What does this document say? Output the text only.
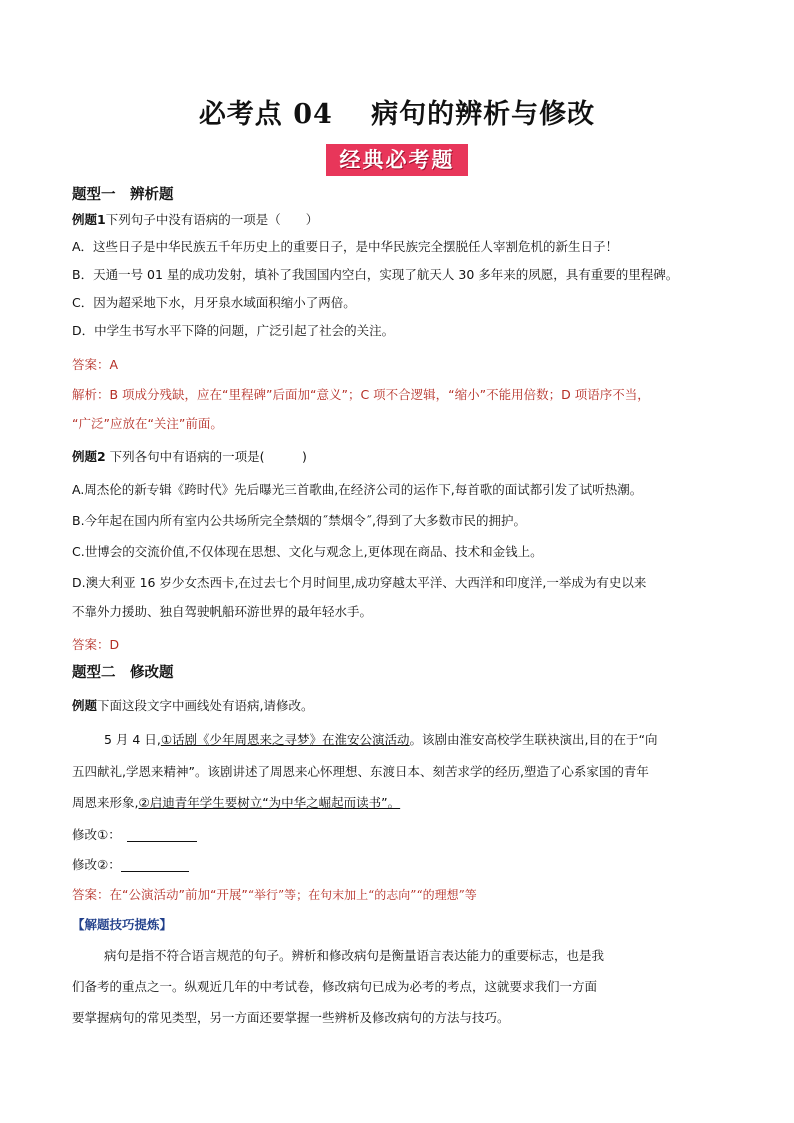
必考点 04　 病句的辨析与修改
经典必考题
题型一　辨析题
例题1下列句子中没有语病的一项是（　　）
A．这些日子是中华民族五千年历史上的重要日子，是中华民族完全摆脱任人宰割危机的新生日子！
B．天通一号 01 星的成功发射，填补了我国国内空白，实现了航天人 30 多年来的夙愿，具有重要的里程碑。
C．因为超采地下水，月牙泉水域面积缩小了两倍。
D．中学生书写水平下降的问题，广泛引起了社会的关注。
答案：A
解析：B 项成分残缺，应在“里程碑”后面加“意义”；C 项不合逻辑，“缩小”不能用倍数；D 项语序不当，
“广泛”应放在“关注”前面。
例题2 下列各句中有语病的一项是(　　　)
A.周杰伦的新专辑《跨时代》先后曝光三首歌曲,在经济公司的运作下,每首歌的面试都引发了试听热潮。
B.今年起在国内所有室内公共场所完全禁烟的˝禁烟令˝,得到了大多数市民的拥护。
C.世博会的交流价值,不仅体现在思想、文化与观念上,更体现在商品、技术和金钱上。
D.澳大利亚 16 岁少女杰西卡,在过去七个月时间里,成功穿越太平洋、大西洋和印度洋,一举成为有史以来
不靠外力援助、独自驾驶帆船环游世界的最年轻水手。
答案：D
题型二　修改题
例题下面这段文字中画线处有语病,请修改。
5 月 4 日,①话剧《少年周恩来之寻梦》在淮安公演活动。该剧由淮安高校学生联袂演出,目的在于“向
五四献礼,学恩来精神”。该剧讲述了周恩来心怀理想、东渡日本、刻苦求学的经历,塑造了心系家国的青年
周恩来形象,②启迪青年学生要树立“为中华之崛起而读书”。
修改①：
修改②：
答案：在“公演活动”前加“开展”“举行”等；在句末加上“的志向”“的理想”等
【解题技巧提炼】
病句是指不符合语言规范的句子。辨析和修改病句是衡量语言表达能力的重要标志，也是我
们备考的重点之一。纵观近几年的中考试卷，修改病句已成为必考的考点，这就要求我们一方面
要掌握病句的常见类型，另一方面还要掌握一些辨析及修改病句的方法与技巧。
